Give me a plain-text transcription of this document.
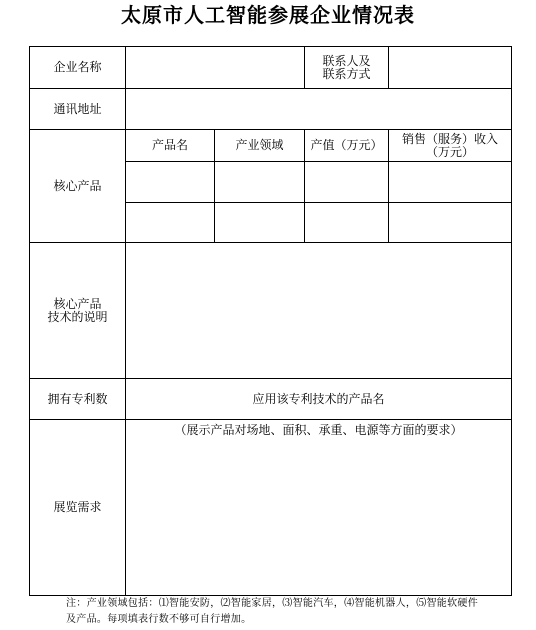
太原市人工智能参展企业情况表
企业名称	联系人及
联系方式
通讯地址
核心产品
产品名	产业领域 产值（万元） 销售（服务）收入
（万元）
核心产品
技术的说明
拥有专利数	应用该专利技术的产品名
展览需求
（展示产品对场地、面积、承重、电源等方面的要求）
注：产业领域包括：⑴智能安防，⑵智能家居，⑶智能汽车，⑷智能机器人，⑸智能软硬件
及产品。每项填表行数不够可自行增加。
